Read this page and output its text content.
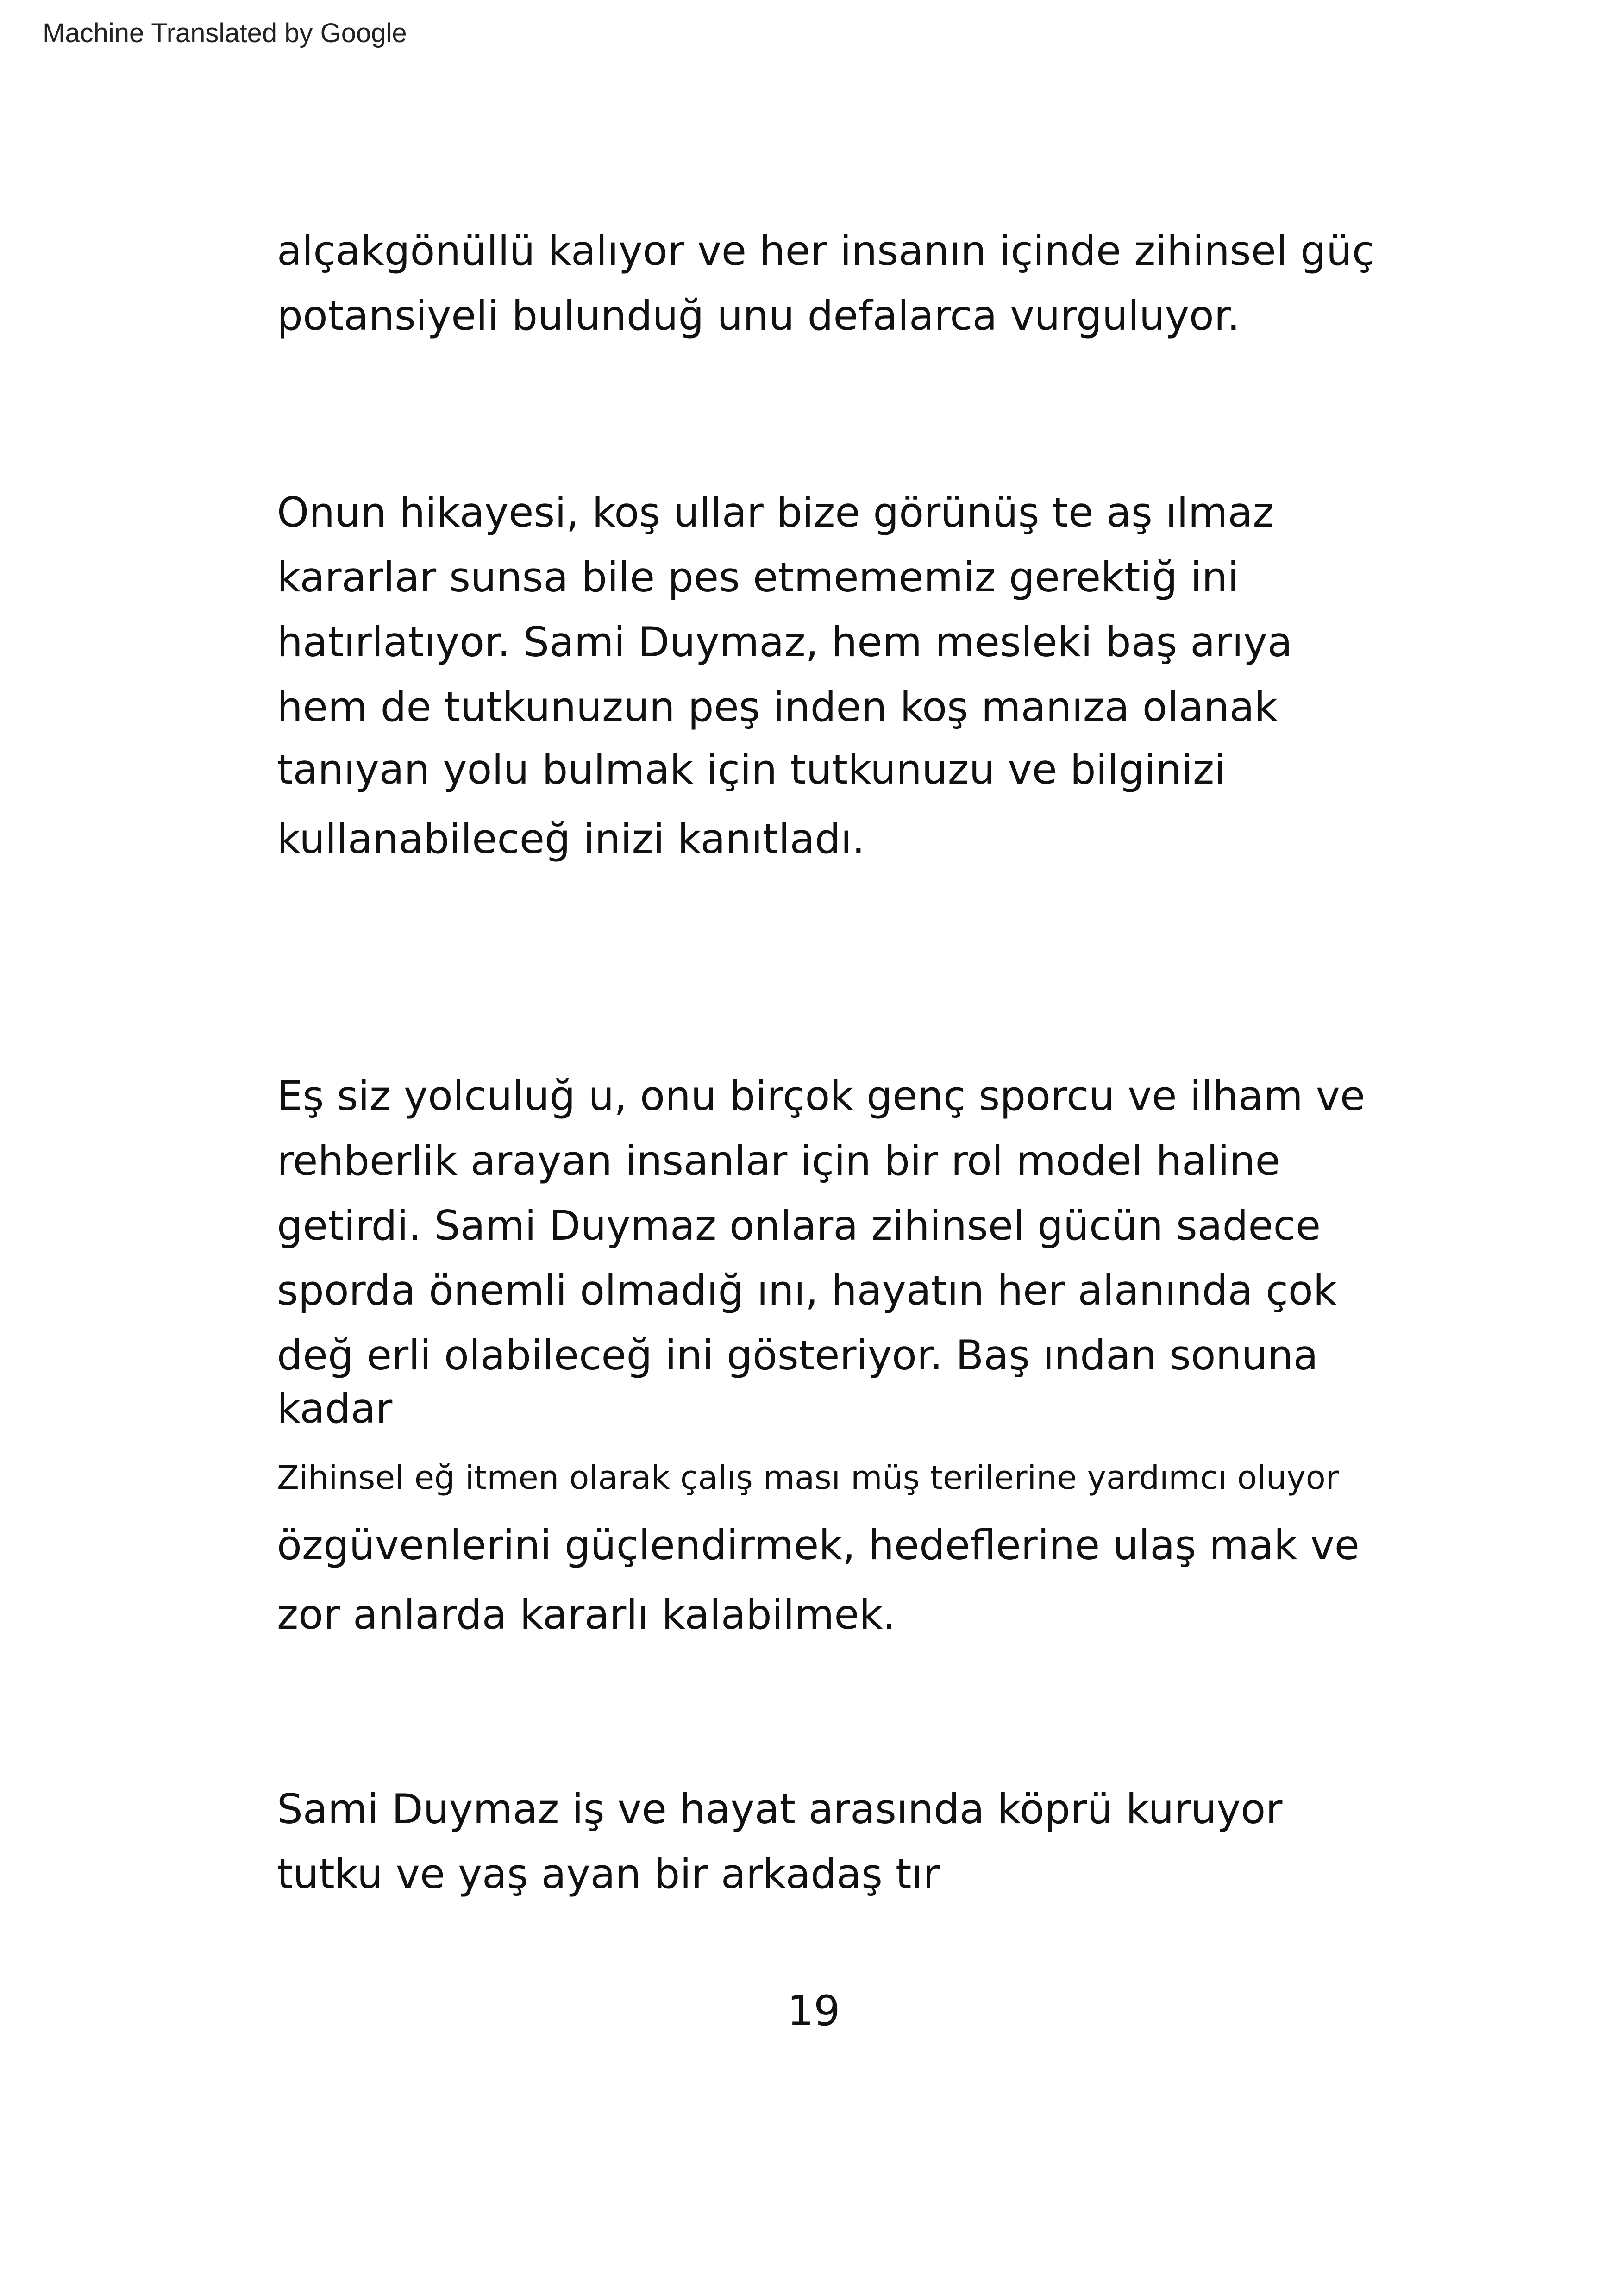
Machine Translated by Google
alçakgönüllü kalıyor ve her insanın içinde zihinsel güç
potansiyeli bulunduğ unu defalarca vurguluyor.
Onun hikayesi, koş ullar bize görünüş te aş ılmaz
kararlar sunsa bile pes etmememiz gerektiğ ini
hatırlatıyor. Sami Duymaz, hem mesleki baş arıya
hem de tutkunuzun peş inden koş manıza olanak
tanıyan yolu bulmak için tutkunuzu ve bilginizi
kullanabileceğ inizi kanıtladı.
Eş siz yolculuğ u, onu birçok genç sporcu ve ilham ve
rehberlik arayan insanlar için bir rol model haline
getirdi. Sami Duymaz onlara zihinsel gücün sadece
sporda önemli olmadığ ını, hayatın her alanında çok
değ erli olabileceğ ini gösteriyor. Baş ından sonuna
kadar
Zihinsel eğ itmen olarak çalış ması müş terilerine yardımcı oluyor
özgüvenlerini güçlendirmek, hedeflerine ulaş mak ve
zor anlarda kararlı kalabilmek.
Sami Duymaz iş ve hayat arasında köprü kuruyor
tutku ve yaş ayan bir arkadaş tır
19
